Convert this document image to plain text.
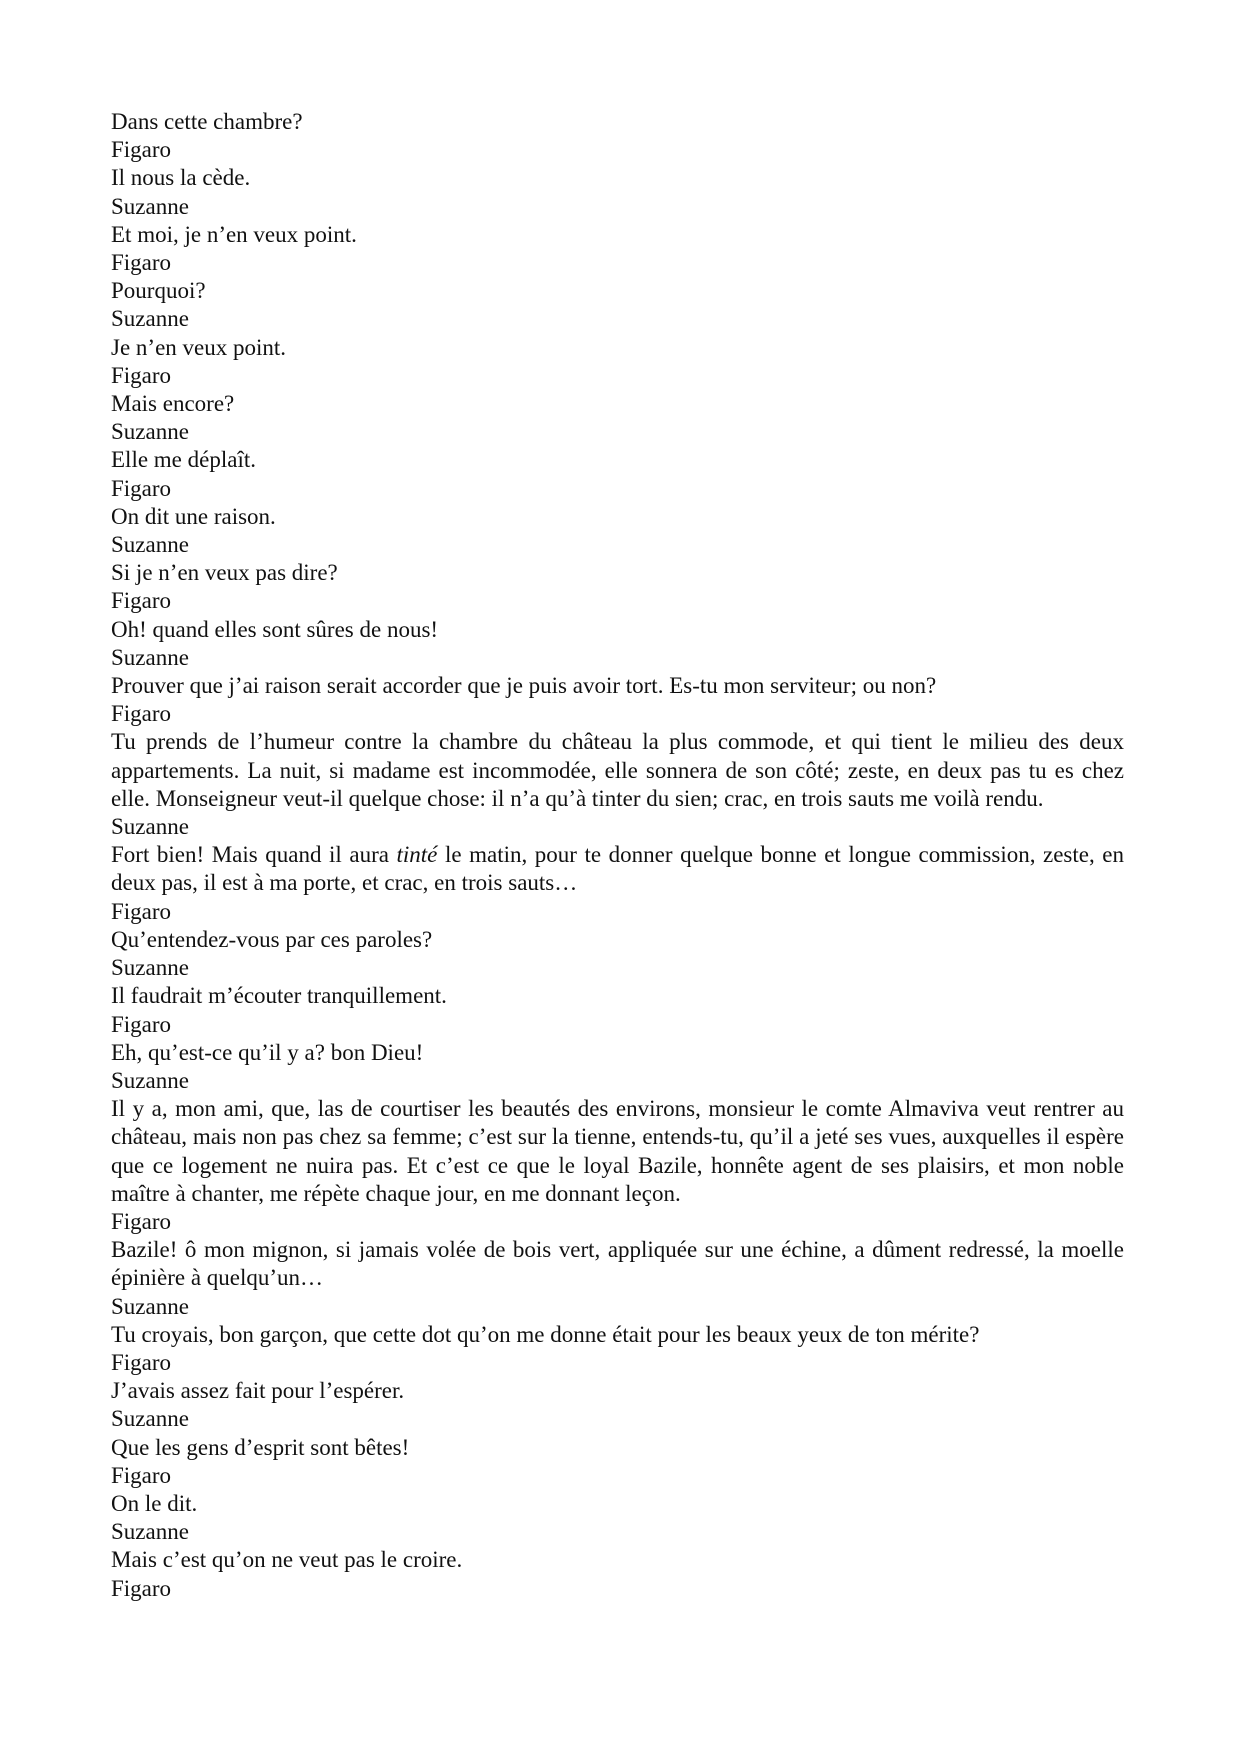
Dans cette chambre?
Figaro
Il nous la cède.
Suzanne
Et moi, je n’en veux point.
Figaro
Pourquoi?
Suzanne
Je n’en veux point.
Figaro
Mais encore?
Suzanne
Elle me déplaît.
Figaro
On dit une raison.
Suzanne
Si je n’en veux pas dire?
Figaro
Oh! quand elles sont sûres de nous!
Suzanne
Prouver que j’ai raison serait accorder que je puis avoir tort. Es-tu mon serviteur; ou non?
Figaro
Tu prends de l’humeur contre la chambre du château la plus commode, et qui tient le milieu des deux appartements. La nuit, si madame est incommodée, elle sonnera de son côté; zeste, en deux pas tu es chez elle. Monseigneur veut-il quelque chose: il n’a qu’à tinter du sien; crac, en trois sauts me voilà rendu.
Suzanne
Fort bien! Mais quand il aura tinté le matin, pour te donner quelque bonne et longue commission, zeste, en deux pas, il est à ma porte, et crac, en trois sauts…
Figaro
Qu’entendez-vous par ces paroles?
Suzanne
Il faudrait m’écouter tranquillement.
Figaro
Eh, qu’est-ce qu’il y a? bon Dieu!
Suzanne
Il y a, mon ami, que, las de courtiser les beautés des environs, monsieur le comte Almaviva veut rentrer au château, mais non pas chez sa femme; c’est sur la tienne, entends-tu, qu’il a jeté ses vues, auxquelles il espère que ce logement ne nuira pas. Et c’est ce que le loyal Bazile, honnête agent de ses plaisirs, et mon noble maître à chanter, me répète chaque jour, en me donnant leçon.
Figaro
Bazile! ô mon mignon, si jamais volée de bois vert, appliquée sur une échine, a dûment redressé, la moelle épinière à quelqu’un…
Suzanne
Tu croyais, bon garçon, que cette dot qu’on me donne était pour les beaux yeux de ton mérite?
Figaro
J’avais assez fait pour l’espérer.
Suzanne
Que les gens d’esprit sont bêtes!
Figaro
On le dit.
Suzanne
Mais c’est qu’on ne veut pas le croire.
Figaro
